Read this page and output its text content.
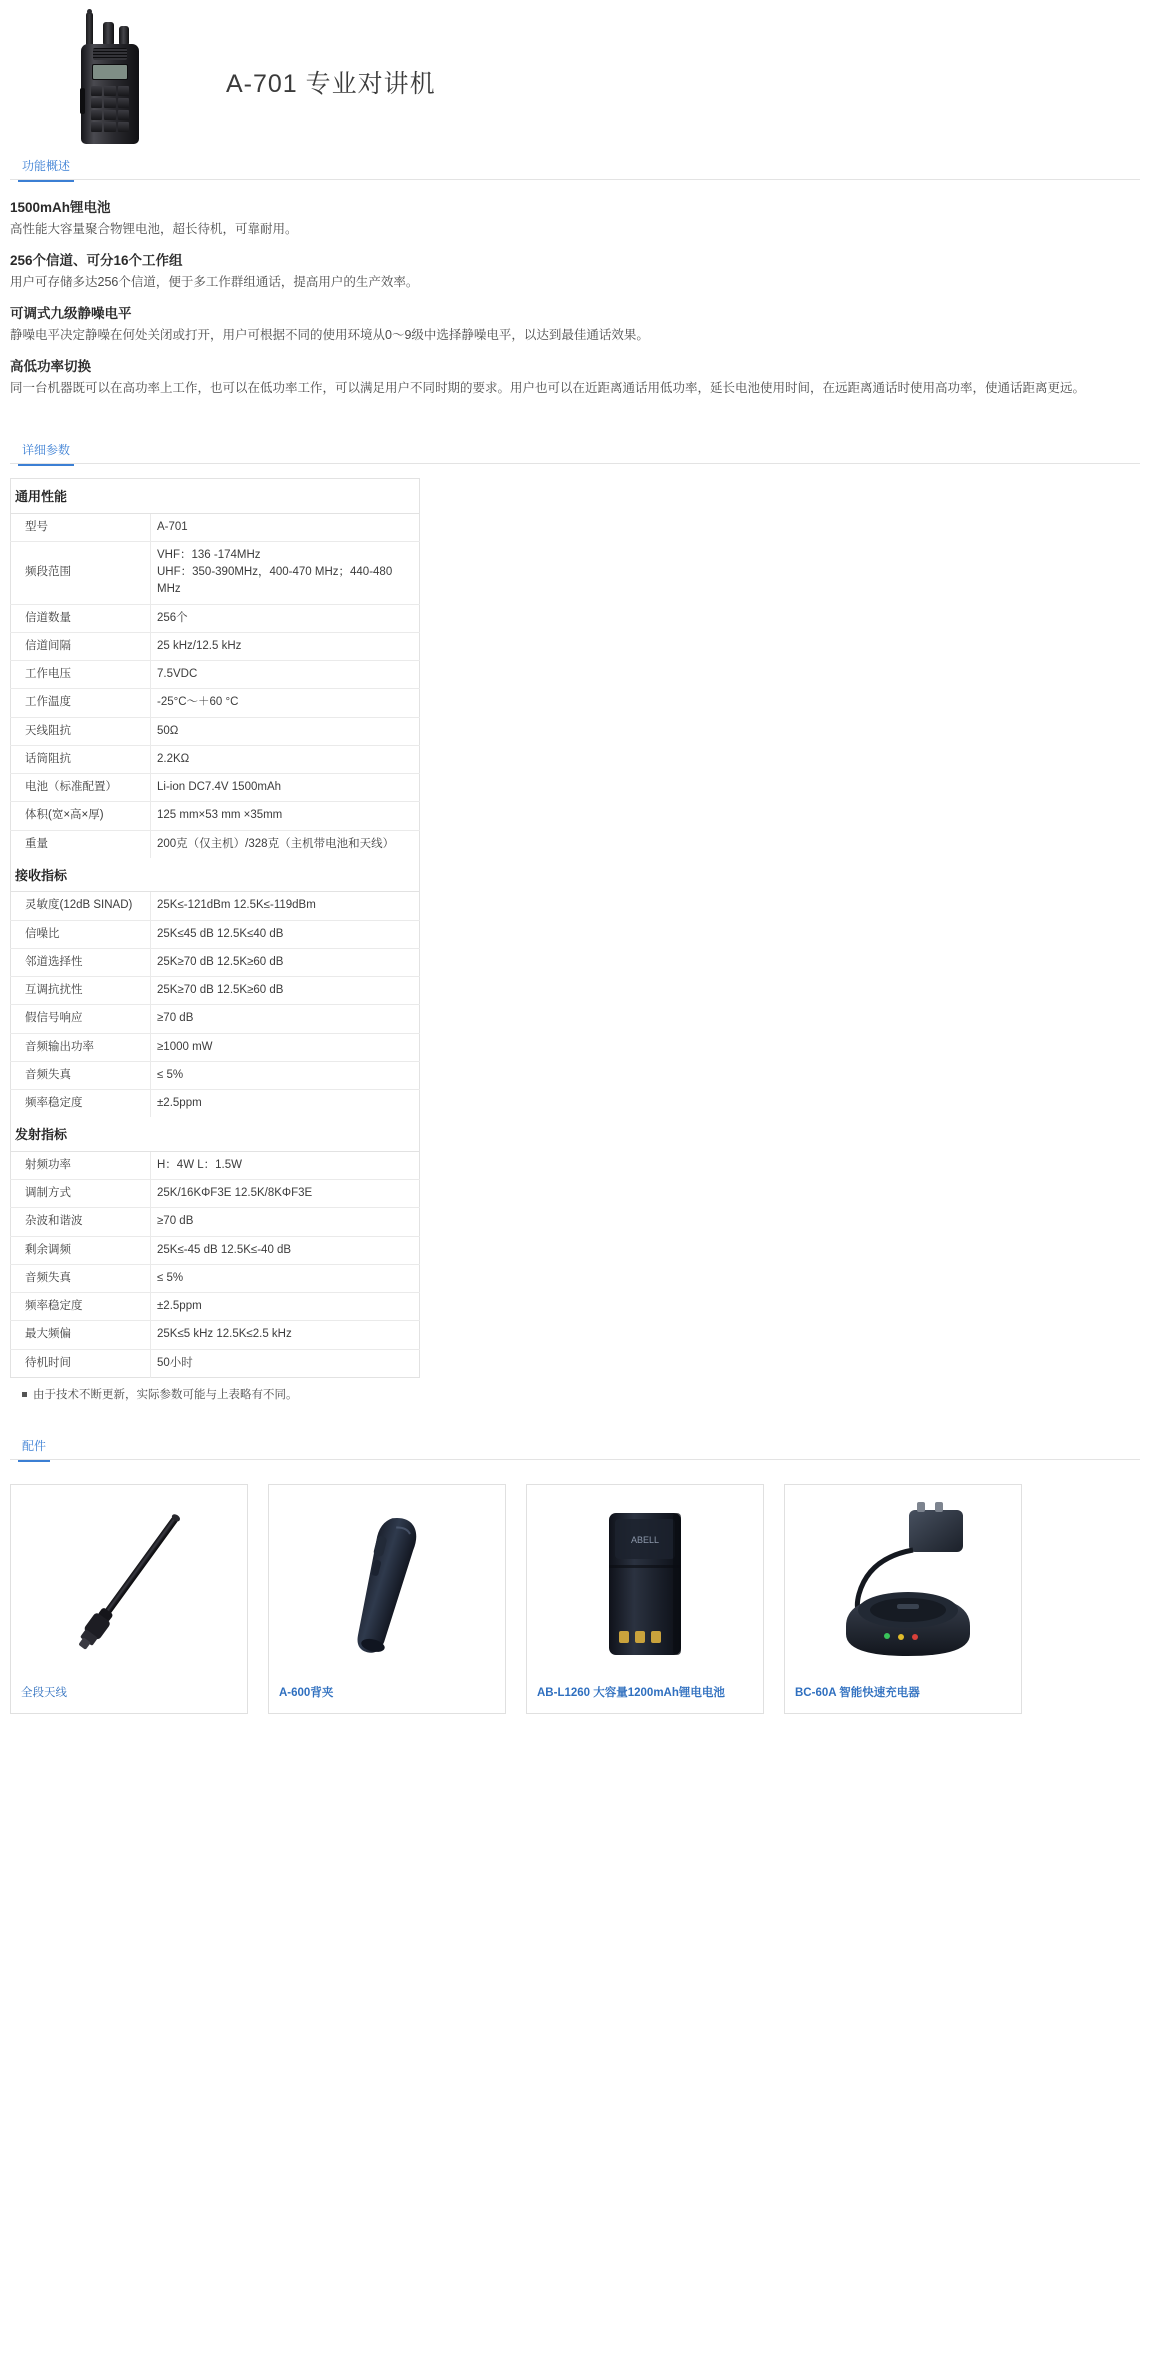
A-701 专业对讲机
功能概述
1500mAh锂电池
高性能大容量聚合物锂电池，超长待机，可靠耐用。
256个信道、可分16个工作组
用户可存储多达256个信道，便于多工作群组通话，提高用户的生产效率。
可调式九级静噪电平
静噪电平决定静噪在何处关闭或打开，用户可根据不同的使用环境从0～9级中选择静噪电平，以达到最佳通话效果。
高低功率切换
同一台机器既可以在高功率上工作，也可以在低功率工作，可以满足用户不同时期的要求。用户也可以在近距离通话用低功率，延长电池使用时间，在远距离通话时使用高功率，使通话距离更远。
详细参数
通用性能	
型号	A-701
频段范围	VHF：136 -174MHz
UHF：350-390MHz，400-470 MHz；440-480 MHz

信道数量	256个
信道间隔	25 kHz/12.5 kHz
工作电压	7.5VDC
工作温度	-25°C～＋60 °C
天线阻抗	50Ω
话筒阻抗	2.2KΩ
电池（标准配置）	Li-ion DC7.4V 1500mAh
体积(宽×高×厚)	125 mm×53 mm ×35mm
重量	200克（仅主机）/328克（主机带电池和天线）
接收指标	
灵敏度(12dB SINAD)	25K≤-121dBm 12.5K≤-119dBm
信噪比	25K≤45 dB 12.5K≤40 dB
邻道选择性	25K≥70 dB 12.5K≥60 dB
互调抗扰性	25K≥70 dB 12.5K≥60 dB
假信号响应	≥70 dB
音频输出功率	≥1000 mW
音频失真	≤ 5%
频率稳定度	±2.5ppm
发射指标	
射频功率	H：4W L：1.5W
调制方式	25K/16KΦF3E 12.5K/8KΦF3E
杂波和谐波	≥70 dB
剩余调频	25K≤-45 dB 12.5K≤-40 dB
音频失真	≤ 5%
频率稳定度	±2.5ppm
最大频偏	25K≤5 kHz 12.5K≤2.5 kHz
待机时间	50小时
由于技术不断更新，实际参数可能与上表略有不同。
配件
全段天线	A-600背夹
ABELL
AB-L1260 大容量1200mAh锂电电池	BC-60A 智能快速充电器
